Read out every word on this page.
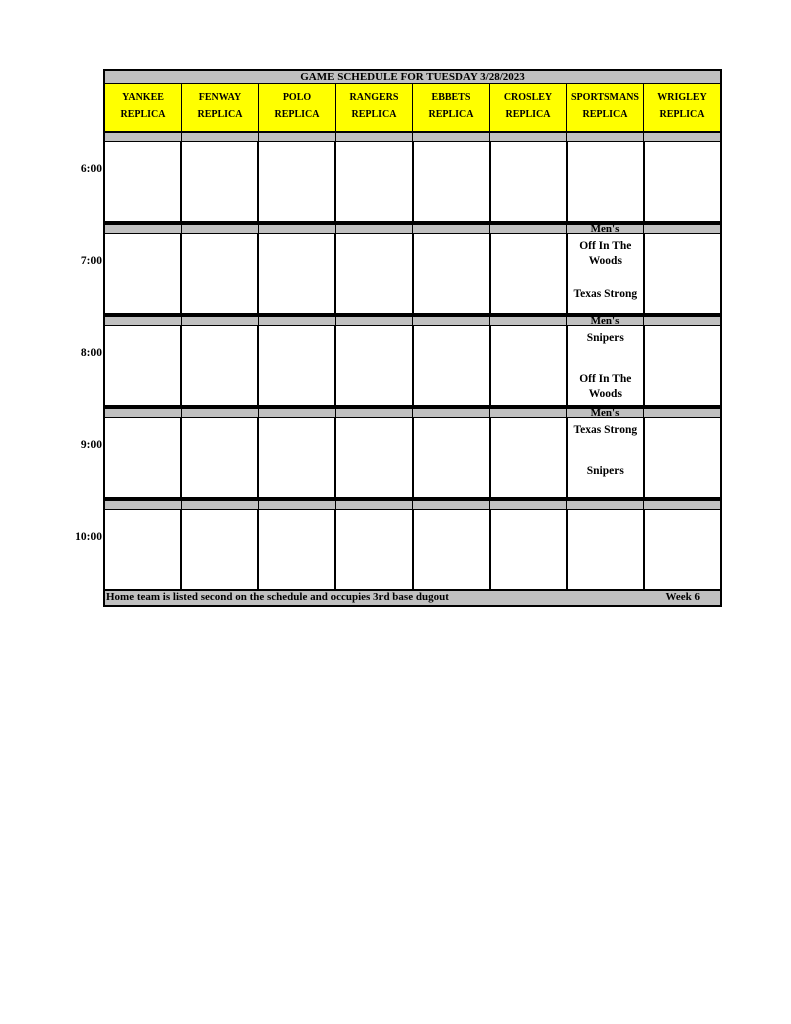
GAME SCHEDULE FOR TUESDAY 3/28/2023
YANKEE
REPLICA
FENWAY
REPLICA
POLO
REPLICA
RANGERS
REPLICA
EBBETS
REPLICA
CROSLEY
REPLICA
SPORTSMANS
REPLICA
WRIGLEY
REPLICA
6:00
Men's
7:00
Off In The Woods
Texas Strong
Men's
8:00
Snipers
Off In The Woods
Men's
9:00
Texas Strong
Snipers
10:00
Home team is listed second on the schedule and occupies 3rd base dugout	Week 6
